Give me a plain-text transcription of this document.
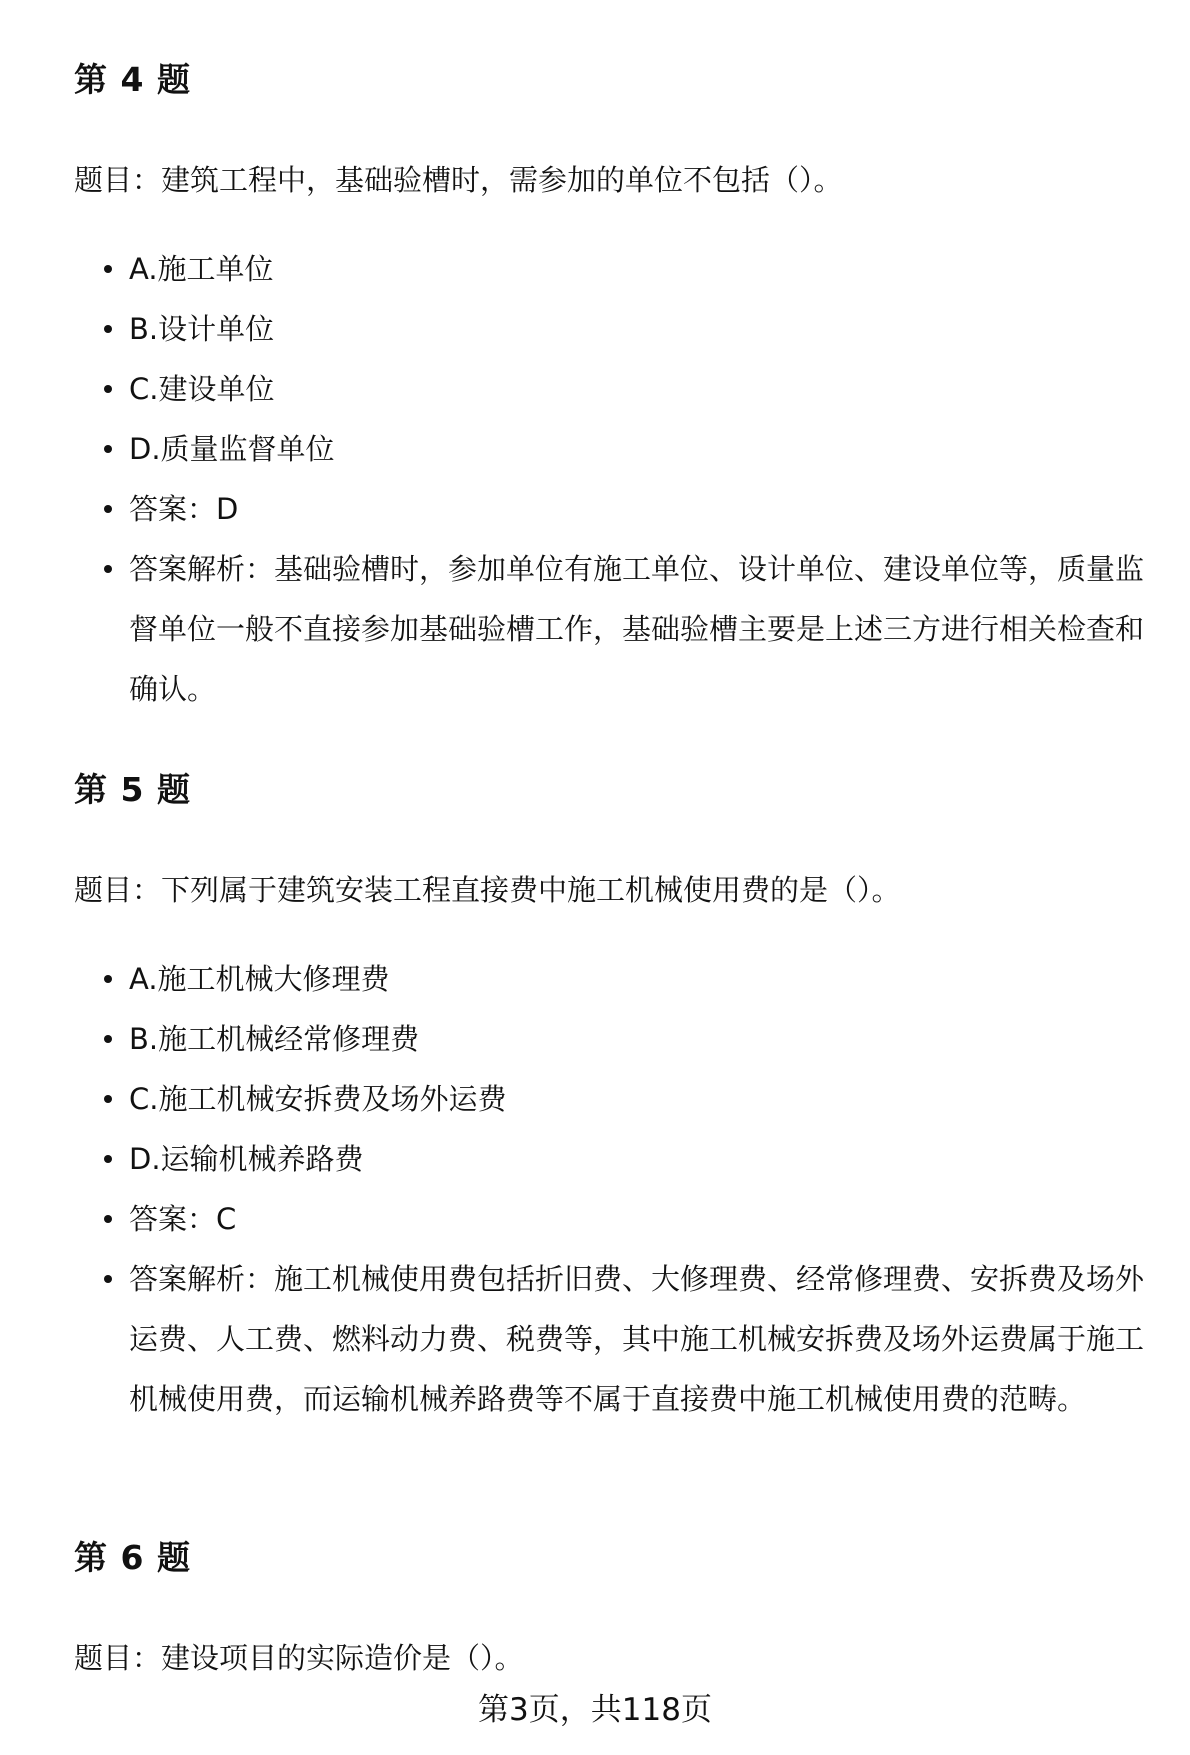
第 4 题

题目：建筑工程中，基础验槽时，需参加的单位不包括（）。

A.施工单位
B.设计单位
C.建设单位
D.质量监督单位
答案：D
答案解析：基础验槽时，参加单位有施工单位、设计单位、建设单位等，质量监督单位一般不直接参加基础验槽工作，基础验槽主要是上述三方进行相关检查和确认。
第 5 题

题目：下列属于建筑安装工程直接费中施工机械使用费的是（）。

A.施工机械大修理费
B.施工机械经常修理费
C.施工机械安拆费及场外运费
D.运输机械养路费
答案：C
答案解析：施工机械使用费包括折旧费、大修理费、经常修理费、安拆费及场外运费、人工费、燃料动力费、税费等，其中施工机械安拆费及场外运费属于施工机械使用费，而运输机械养路费等不属于直接费中施工机械使用费的范畴。
第 6 题

题目：建设项目的实际造价是（）。

第3页，共118页
